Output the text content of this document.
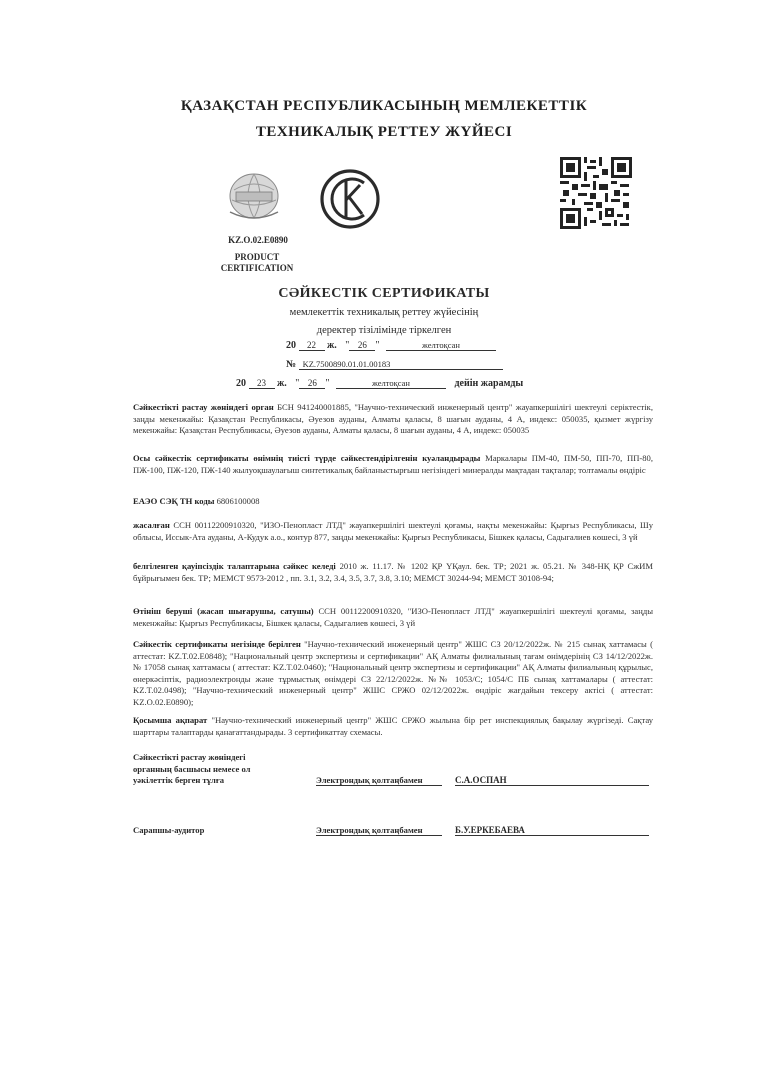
ҚАЗАҚСТАН РЕСПУБЛИКАСЫНЫҢ МЕМЛЕКЕТТІК
ТЕХНИКАЛЫҚ РЕТТЕУ ЖҮЙЕСІ
KZ.O.02.E0890
PRODUCT
CERTIFICATION
СӘЙКЕСТІК СЕРТИФИКАТЫ
мемлекеттік техникалық реттеу жүйесінің
деректер тізілімінде тіркелген
20 22 ж. " 26 "	желтоқсан
№ KZ.7500890.01.01.00183
20 23 ж. " 26 "	желтоқсан	дейін жарамды
Сәйкестікті растау жөніндегі орган БСН 941240001885, "Научно-технический инженерный центр" жауапкершілігі шектеулі серіктестік, заңды мекенжайы: Қазақстан Республикасы, Әуезов ауданы, Алматы қаласы, 8 шағын ауданы, 4 А, индекс: 050035, қызмет жүргізу мекенжайы: Қазақстан Республикасы, Әуезов ауданы, Алматы қаласы, 8 шағын ауданы, 4 А, индекс: 050035
Осы сәйкестік сертификаты өнімнің тиісті түрде сәйкестендірілгенін куәландырады Маркалары ПМ-40, ПМ-50, ПП-70, ПП-80, ПЖ-100, ПЖ-120, ПЖ-140 жылуоқшаулағыш синтетикалық байланыстырғыш негізіндегі минералды мақтадан тақталар; толтамалы өндіріс
ЕАЭО СЭҚ ТН коды 6806100008
жасалған ССН 00112200910320, "ИЗО-Пенопласт ЛТД" жауапкершілігі шектеулі қоғамы, нақты мекенжайы: Қырғыз Республикасы, Шу облысы, Иссык-Ата ауданы, А-Кудук а.о., контур 877, заңды мекенжайы: Қырғыз Республикасы, Бішкек қаласы, Садыгалиев көшесі, 3 үй
белгіленген қауіпсіздік талаптарына сәйкес келеді 2010 ж. 11.17. № 1202 ҚР ҮҚаул. бек. ТР; 2021 ж. 05.21. № 348-НҚ ҚР СжИМ бұйрығымен бек. ТР; МЕМСТ 9573-2012 , пп. 3.1, 3.2, 3.4, 3.5, 3.7, 3.8, 3.10; МЕМСТ 30244-94; МЕМСТ 30108-94;
Өтініш беруші (жасап шығарушы, сатушы) ССН 00112200910320, "ИЗО-Пенопласт ЛТД" жауапкершілігі шектеулі қоғамы, заңды мекенжайы: Қырғыз Республикасы, Бішкек қаласы, Садыгалиев көшесі, 3 үй
Сәйкестік сертификаты негізінде берілген "Научно-технический инженерный центр" ЖШС СЗ 20/12/2022ж. № 215 сынақ хаттамасы ( аттестат: KZ.T.02.E0848); "Национальный центр экспертизы и сертификации" АҚ Алматы филиалының тағам өнімдерінің СЗ 14/12/2022ж. № 17058 сынақ хаттамасы ( аттестат: KZ.T.02.0460); "Национальный центр экспертизы и сертификации" АҚ Алматы филиалының құрылыс, өнеркәсіптік, радиоэлектронды және тұрмыстық өнімдері СЗ 22/12/2022ж. №№ 1053/С; 1054/С ПБ сынақ хаттамалары ( аттестат: KZ.T.02.0498); "Научно-технический инженерный центр" ЖШС СРЖО 02/12/2022ж. өндіріс жағдайын тексеру актісі ( аттестат: KZ.O.02.E0890);
Қосымша ақпарат "Научно-технический инженерный центр" ЖШС СРЖО жылына бір рет инспекциялық бақылау жүргізеді. Сақтау шарттары талаптарды қанағаттандырады. 3 сертификаттау схемасы.
Сәйкестікті растау жөніндегі
органның басшысы немесе ол
уәкілеттік берген тұлға	Электрондық қолтаңбамен	С.А.ОСПАН
Сарапшы-аудитор	Электрондық қолтаңбамен	Б.У.ЕРКЕБАЕВА
